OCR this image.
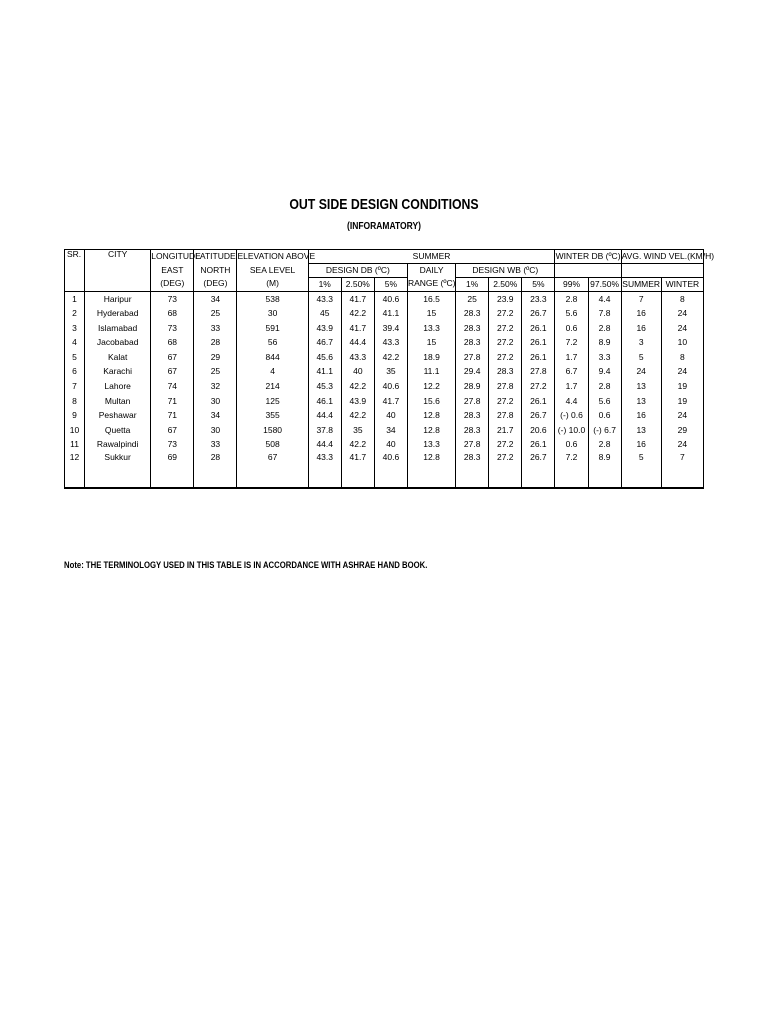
OUT SIDE DESIGN CONDITIONS
(INFORAMATORY)
SR.	CITY	LONGITUDE	LATITUDE	ELEVATION ABOVE	SUMMER							WINTER DB (ºC)		AVG. WIND VEL.(KM/H)	
		EAST	NORTH	SEA LEVEL	DESIGN DB (ºC)			DAILY	DESIGN WB (ºC)						
		(DEG)	(DEG)	(M)	1%	2.50%	5%	RANGE (ºC)	1%	2.50%	5%	99%	97.50%	SUMMER	WINTER
1	Haripur	73	34	538	43.3	41.7	40.6	16.5	25	23.9	23.3	2.8	4.4	7	8
2	Hyderabad	68	25	30	45	42.2	41.1	15	28.3	27.2	26.7	5.6	7.8	16	24
3	Islamabad	73	33	591	43.9	41.7	39.4	13.3	28.3	27.2	26.1	0.6	2.8	16	24
4	Jacobabad	68	28	56	46.7	44.4	43.3	15	28.3	27.2	26.1	7.2	8.9	3	10
5	Kalat	67	29	844	45.6	43.3	42.2	18.9	27.8	27.2	26.1	1.7	3.3	5	8
6	Karachi	67	25	4	41.1	40	35	11.1	29.4	28.3	27.8	6.7	9.4	24	24
7	Lahore	74	32	214	45.3	42.2	40.6	12.2	28.9	27.8	27.2	1.7	2.8	13	19
8	Multan	71	30	125	46.1	43.9	41.7	15.6	27.8	27.2	26.1	4.4	5.6	13	19
9	Peshawar	71	34	355	44.4	42.2	40	12.8	28.3	27.8	26.7	(-) 0.6	0.6	16	24
10	Quetta	67	30	1580	37.8	35	34	12.8	28.3	21.7	20.6	(-) 10.0	(-) 6.7	13	29
11	Rawalpindi	73	33	508	44.4	42.2	40	13.3	27.8	27.2	26.1	0.6	2.8	16	24
12	Sukkur	69	28	67	43.3	41.7	40.6	12.8	28.3	27.2	26.7	7.2	8.9	5	7
Note: THE TERMINOLOGY USED IN THIS TABLE IS IN ACCORDANCE WITH ASHRAE HAND BOOK.
